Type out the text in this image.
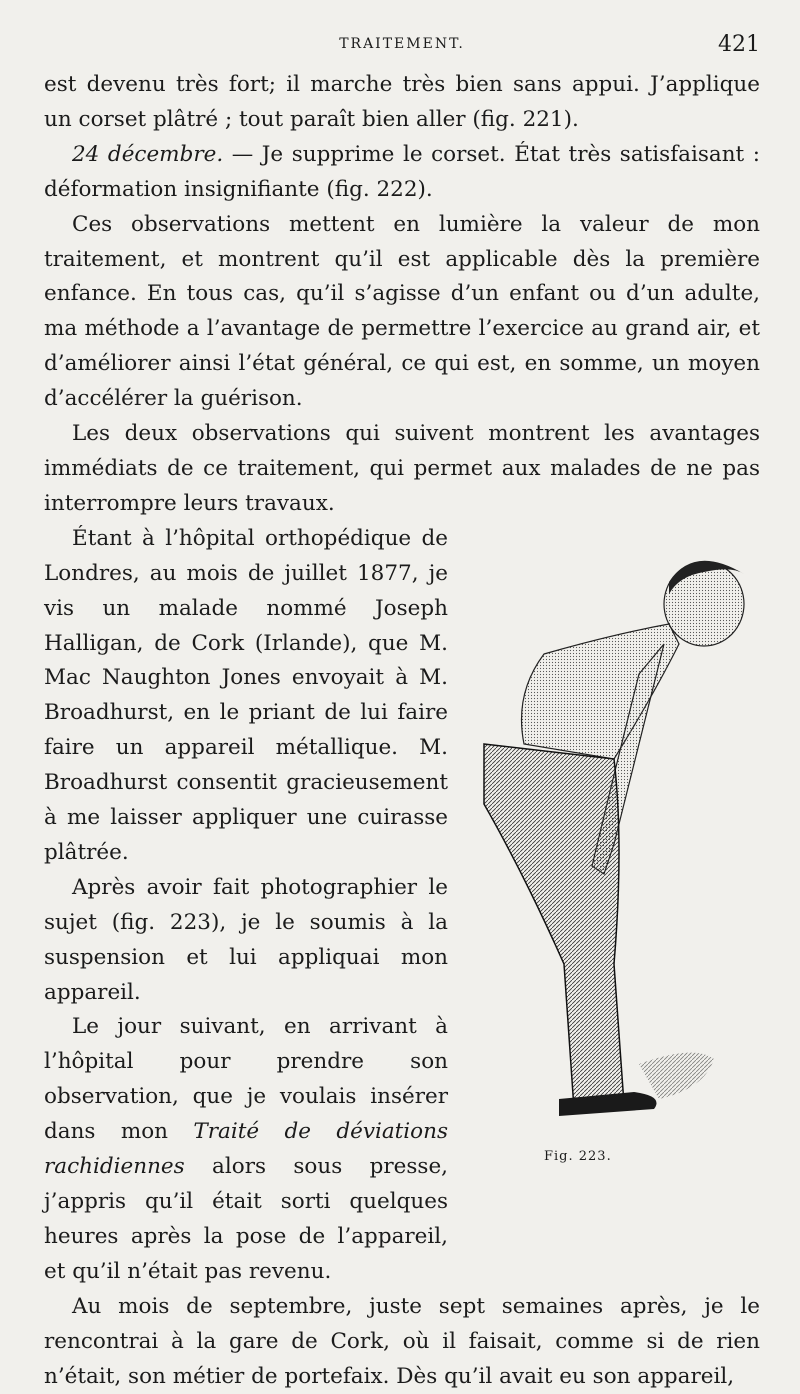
TRAITEMENT.	421

est devenu très fort; il marche très bien sans appui. J’applique un corset plâtré ; tout paraît bien aller (fig. 221).

24 décembre. — Je supprime le corset. État très satisfaisant : déformation insignifiante (fig. 222).

Ces observations mettent en lumière la valeur de mon traitement, et montrent qu’il est applicable dès la première enfance. En tous cas, qu’il s’agisse d’un enfant ou d’un adulte, ma méthode a l’avantage de permettre l’exercice au grand air, et d’améliorer ainsi l’état général, ce qui est, en somme, un moyen d’accélérer la guérison.

Les deux observations qui suivent montrent les avantages immédiats de ce traitement, qui permet aux malades de ne pas interrompre leurs travaux.

Fig. 223.

Étant à l’hôpital orthopédique de Londres, au mois de juillet 1877, je vis un malade nommé Joseph Halligan, de Cork (Irlande), que M. Mac Naughton Jones envoyait à M. Broadhurst, en le priant de lui faire faire un appareil métallique. M. Broadhurst consentit gracieusement à me laisser appliquer une cuirasse plâtrée.

Après avoir fait photographier le sujet (fig. 223), je le soumis à la suspension et lui appliquai mon appareil.

Le jour suivant, en arrivant à l’hôpital pour prendre son observation, que je voulais insérer dans mon Traité de déviations rachidiennes alors sous presse, j’appris qu’il était sorti quelques heures après la pose de l’appareil, et qu’il n’était pas revenu.

Au mois de septembre, juste sept semaines après, je le rencontrai à la gare de Cork, où il faisait, comme si de rien n’était, son métier de portefaix. Dès qu’il avait eu son appareil,
